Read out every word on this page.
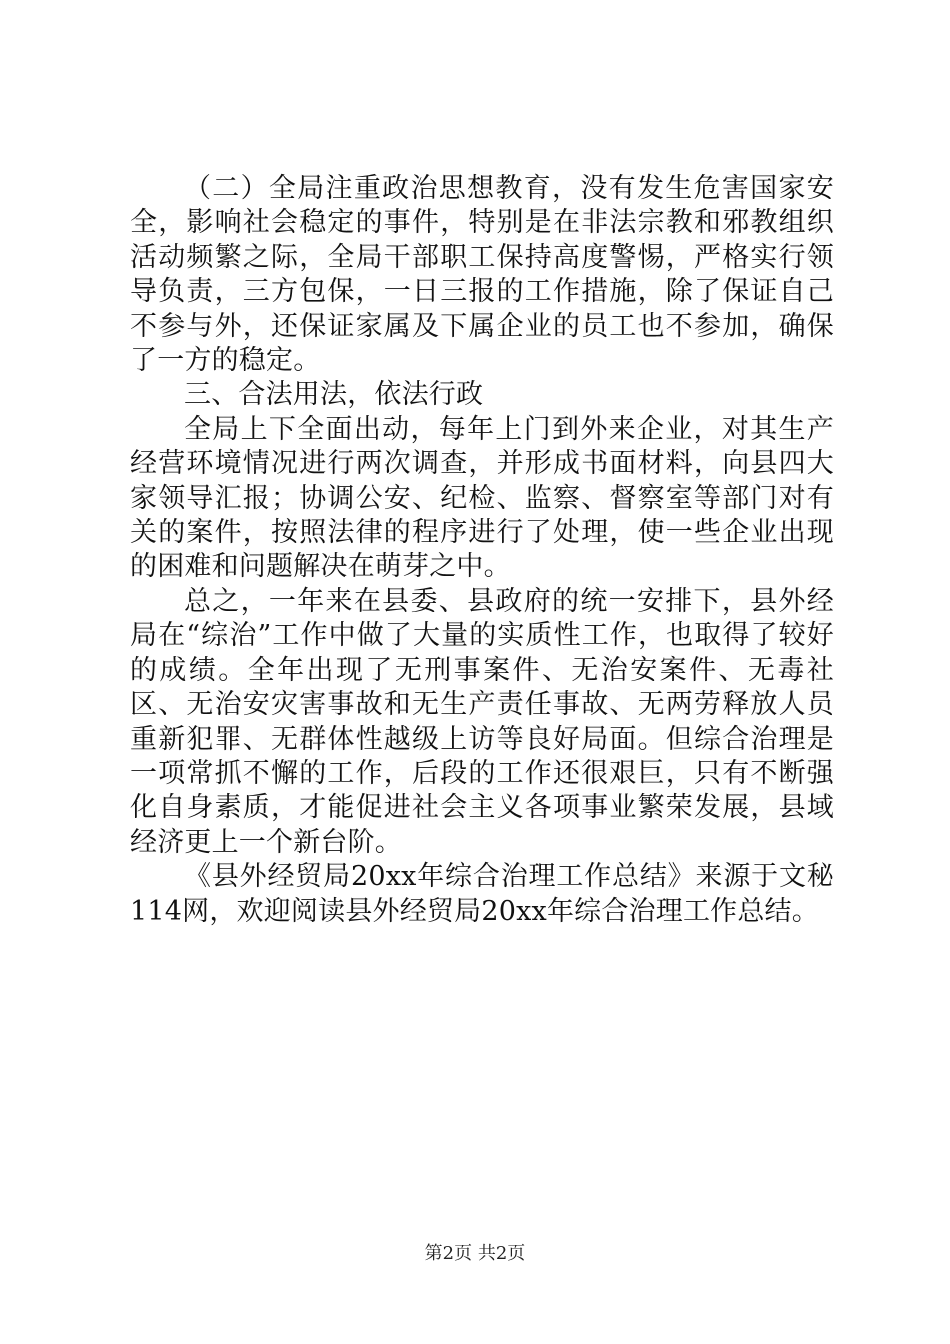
（二）全局注重政治思想教育，没有发生危害国家安全，影响社会稳定的事件，特别是在非法宗教和邪教组织活动频繁之际，全局干部职工保持高度警惕，严格实行领导负责，三方包保，一日三报的工作措施，除了保证自己不参与外，还保证家属及下属企业的员工也不参加，确保了一方的稳定。

三、合法用法，依法行政

全局上下全面出动，每年上门到外来企业，对其生产经营环境情况进行两次调查，并形成书面材料，向县四大家领导汇报；协调公安、纪检、监察、督察室等部门对有关的案件，按照法律的程序进行了处理，使一些企业出现的困难和问题解决在萌芽之中。

总之，一年来在县委、县政府的统一安排下，县外经局在“综治”工作中做了大量的实质性工作，也取得了较好的成绩。全年出现了无刑事案件、无治安案件、无毒社区、无治安灾害事故和无生产责任事故、无两劳释放人员重新犯罪、无群体性越级上访等良好局面。但综合治理是一项常抓不懈的工作，后段的工作还很艰巨，只有不断强化自身素质，才能促进社会主义各项事业繁荣发展，县域经济更上一个新台阶。

《县外经贸局20xx年综合治理工作总结》来源于文秘114网，欢迎阅读县外经贸局20xx年综合治理工作总结。

第2页 共2页
